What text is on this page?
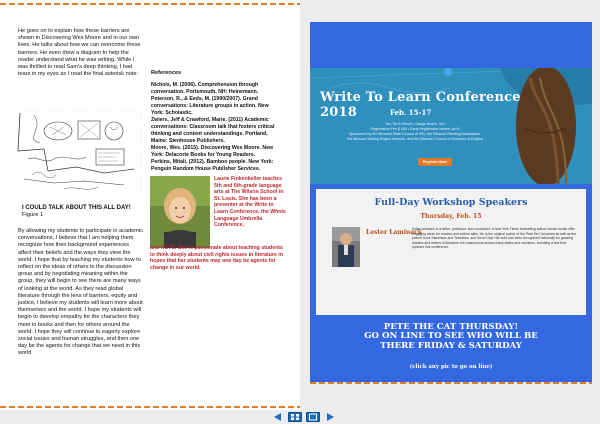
He goes on to explain how these barriers are shown in Discovering Wes Moore and in our own lives. He talks about how we can overcome these barriers. He even drew a diagram to help the reader understand what he was writing. While I was thrilled to read Sam's deep thinking, I had tears in my eyes as I read the final asterisk note:

I COULD TALK ABOUT THIS ALL DAY!
Figure 1

By allowing my students to participate in academic conversations, I believe that I am helping them recognize how their background experiences affect their beliefs and the ways they view the world. I hope that by teaching my students how to reflect on the ideas of others in the discussion group and by negotiating meaning within the group, they will begin to see there are many ways of looking at the world. As they read global literature through the lens of barriers, equity and justice, I believe my students will learn more about themselves and the world. I hope my students will begin to develop empathy for the characters they meet in books and then for others around the world. I hope they will continue to eagerly explore social issues and human struggles, and then one day be the agents for change that we need in this world

References
Nichols, M. (2006). Comprehension through conversation. Portsmouth, NH: Heinemann.
Peterson, R., & Eeds, M. (1990/2007). Grand conversations: Literature groups in action. New York: Scholastic.
Zwiers, Jeff & Crawford, Marie. (2011) Academic conversations: Classroom talk that fosters critical thinking and content understandings. Portland, Maine: Stenhouse Publishers.
Moore, Wes. (2015). Discovering Wes Moore. New York: Delacorte Books for Young Readers.
Perkins, Mitali. (2012). Bamboo people. New York: Penguin Random House Publisher Services.
Laurie Finkenkeller teaches 5th and 6th-grade language arts at The Wilson School in St. Louis. She has been a presenter at the Write to Learn Conference, the Whole Language Umbrella Conference,
and NCTE. She is passionate about teaching students to think deeply about civil rights issues in literature in hopes that her students may one day be agents for change in our world.
Write To Learn Conference 2018	Feb. 15-17
Tan-Tar-A Resort • Osage Beach, MO
Registration Fee $ 150 • Early Registration before Jan 5
Sponsored by the Missouri State Council of IRA, the Missouri Reading Association,
the Missouri Writing Project Network, and the Missouri Council of Teachers of English
Register Now!
Full-Day Workshop Speakers
Thursday, Feb. 15
Lester Laminack
Kylie Laminack is a writer, professor, and consultant. A New York Times bestselling author whose books offer engaging ideas for readers and writers alike. He is the original author of the Pete the Cat series as well as the picture book Saturdays and Teacakes, and Snow Day! His work has been recognized nationally for growing readers and writers in literature-rich classrooms across many states and countries, including a few that sponsor this conference.
PETE THE CAT THURSDAY!
GO ON LINE TO SEE WHO WILL BE
THERE FRIDAY & SATURDAY
(click any pic to go on line)
